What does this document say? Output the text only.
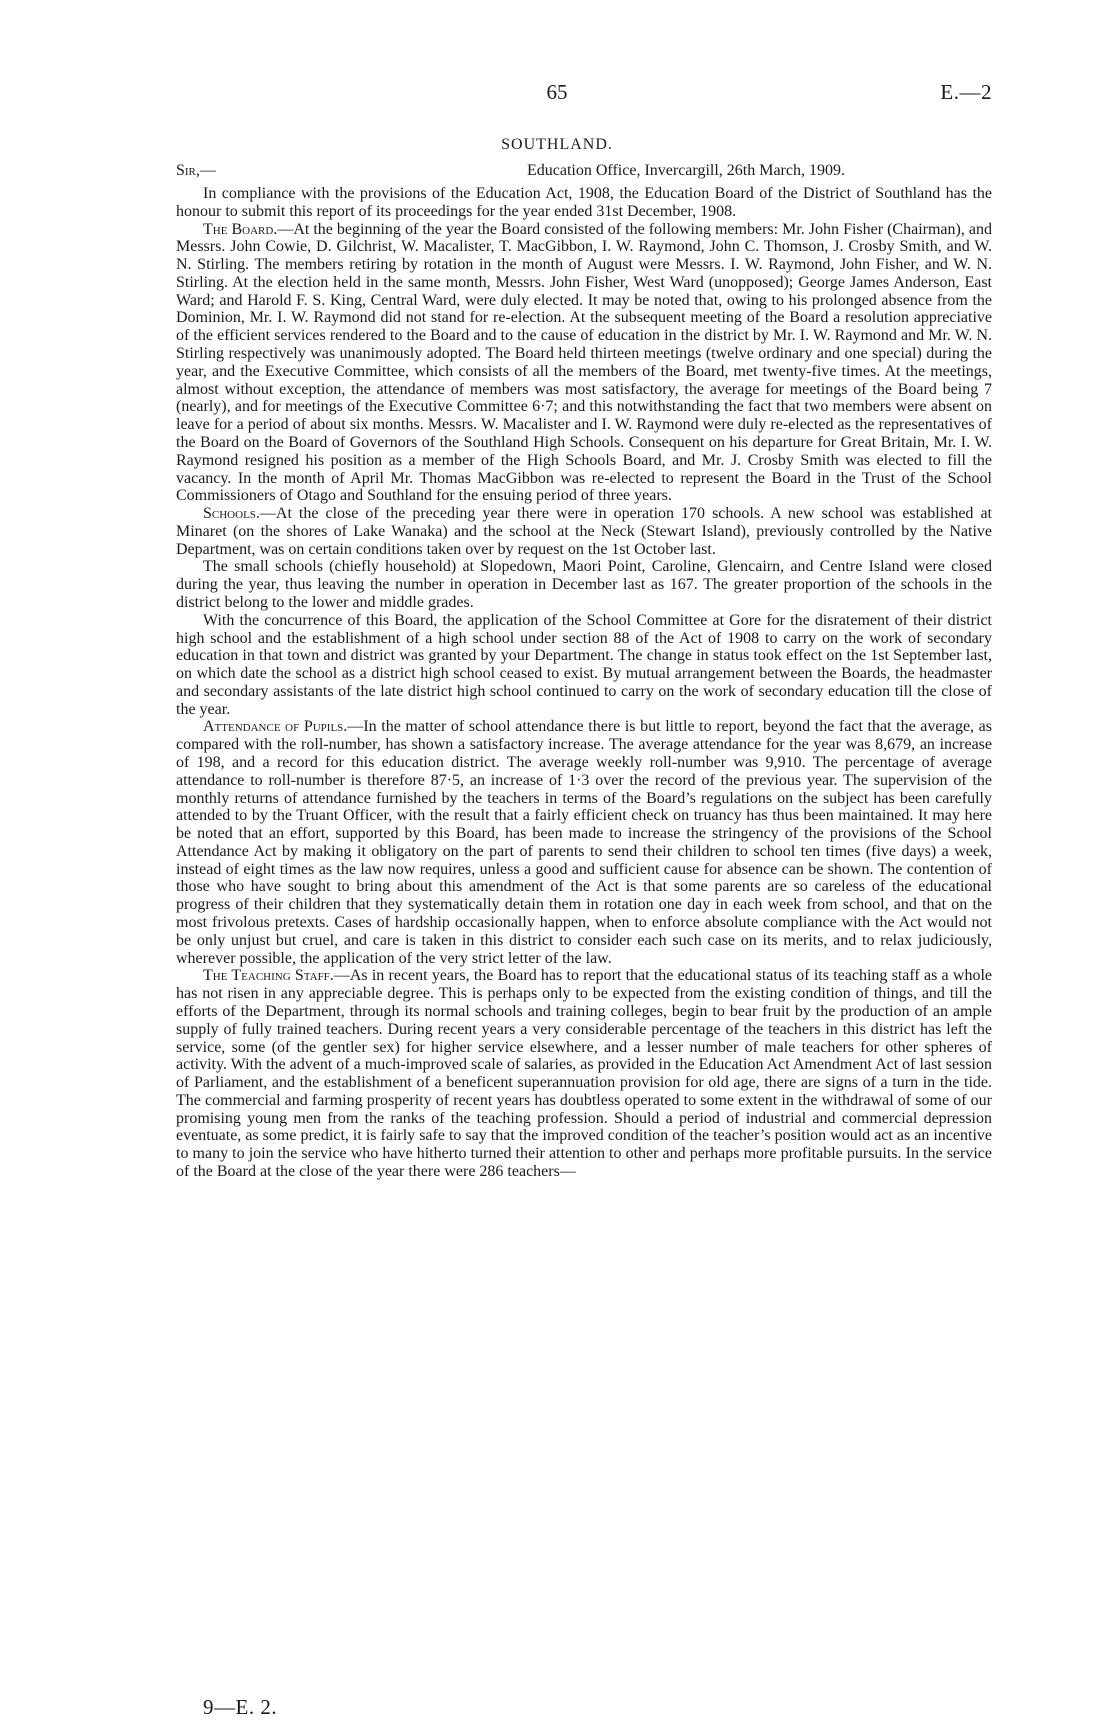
65	E.—2
SOUTHLAND.
Sir,—	Education Office, Invercargill, 26th March, 1909.

In compliance with the provisions of the Education Act, 1908, the Education Board of the District of Southland has the honour to submit this report of its proceedings for the year ended 31st December, 1908.

The Board.—At the beginning of the year the Board consisted of the following members: Mr. John Fisher (Chairman), and Messrs. John Cowie, D. Gilchrist, W. Macalister, T. MacGibbon, I. W. Raymond, John C. Thomson, J. Crosby Smith, and W. N. Stirling. The members retiring by rotation in the month of August were Messrs. I. W. Raymond, John Fisher, and W. N. Stirling. At the election held in the same month, Messrs. John Fisher, West Ward (unopposed); George James Anderson, East Ward; and Harold F. S. King, Central Ward, were duly elected. It may be noted that, owing to his prolonged absence from the Dominion, Mr. I. W. Raymond did not stand for re-election. At the subsequent meeting of the Board a resolution appreciative of the efficient services rendered to the Board and to the cause of education in the district by Mr. I. W. Raymond and Mr. W. N. Stirling respectively was unanimously adopted. The Board held thirteen meetings (twelve ordinary and one special) during the year, and the Executive Committee, which consists of all the members of the Board, met twenty-five times. At the meetings, almost without exception, the attendance of members was most satisfactory, the average for meetings of the Board being 7 (nearly), and for meetings of the Executive Committee 6·7; and this notwithstanding the fact that two members were absent on leave for a period of about six months. Messrs. W. Macalister and I. W. Raymond were duly re-elected as the representatives of the Board on the Board of Governors of the Southland High Schools. Consequent on his departure for Great Britain, Mr. I. W. Raymond resigned his position as a member of the High Schools Board, and Mr. J. Crosby Smith was elected to fill the vacancy. In the month of April Mr. Thomas MacGibbon was re-elected to represent the Board in the Trust of the School Commissioners of Otago and Southland for the ensuing period of three years.

Schools.—At the close of the preceding year there were in operation 170 schools. A new school was established at Minaret (on the shores of Lake Wanaka) and the school at the Neck (Stewart Island), previously controlled by the Native Department, was on certain conditions taken over by request on the 1st October last.

The small schools (chiefly household) at Slopedown, Maori Point, Caroline, Glencairn, and Centre Island were closed during the year, thus leaving the number in operation in December last as 167. The greater proportion of the schools in the district belong to the lower and middle grades.

With the concurrence of this Board, the application of the School Committee at Gore for the disratement of their district high school and the establishment of a high school under section 88 of the Act of 1908 to carry on the work of secondary education in that town and district was granted by your Department. The change in status took effect on the 1st September last, on which date the school as a district high school ceased to exist. By mutual arrangement between the Boards, the headmaster and secondary assistants of the late district high school continued to carry on the work of secondary education till the close of the year.

Attendance of Pupils.—In the matter of school attendance there is but little to report, beyond the fact that the average, as compared with the roll-number, has shown a satisfactory increase. The average attendance for the year was 8,679, an increase of 198, and a record for this education district. The average weekly roll-number was 9,910. The percentage of average attendance to roll-number is therefore 87·5, an increase of 1·3 over the record of the previous year. The supervision of the monthly returns of attendance furnished by the teachers in terms of the Board’s regulations on the subject has been carefully attended to by the Truant Officer, with the result that a fairly efficient check on truancy has thus been maintained. It may here be noted that an effort, supported by this Board, has been made to increase the stringency of the provisions of the School Attendance Act by making it obligatory on the part of parents to send their children to school ten times (five days) a week, instead of eight times as the law now requires, unless a good and sufficient cause for absence can be shown. The contention of those who have sought to bring about this amendment of the Act is that some parents are so careless of the educational progress of their children that they systematically detain them in rotation one day in each week from school, and that on the most frivolous pretexts. Cases of hardship occasionally happen, when to enforce absolute compliance with the Act would not be only unjust but cruel, and care is taken in this district to consider each such case on its merits, and to relax judiciously, wherever possible, the application of the very strict letter of the law.

The Teaching Staff.—As in recent years, the Board has to report that the educational status of its teaching staff as a whole has not risen in any appreciable degree. This is perhaps only to be expected from the existing condition of things, and till the efforts of the Department, through its normal schools and training colleges, begin to bear fruit by the production of an ample supply of fully trained teachers. During recent years a very considerable percentage of the teachers in this district has left the service, some (of the gentler sex) for higher service elsewhere, and a lesser number of male teachers for other spheres of activity. With the advent of a much-improved scale of salaries, as provided in the Education Act Amendment Act of last session of Parliament, and the establishment of a beneficent superannuation provision for old age, there are signs of a turn in the tide. The commercial and farming prosperity of recent years has doubtless operated to some extent in the withdrawal of some of our promising young men from the ranks of the teaching profession. Should a period of industrial and commercial depression eventuate, as some predict, it is fairly safe to say that the improved condition of the teacher’s position would act as an incentive to many to join the service who have hitherto turned their attention to other and perhaps more profitable pursuits. In the service of the Board at the close of the year there were 286 teachers—

9—E. 2.
